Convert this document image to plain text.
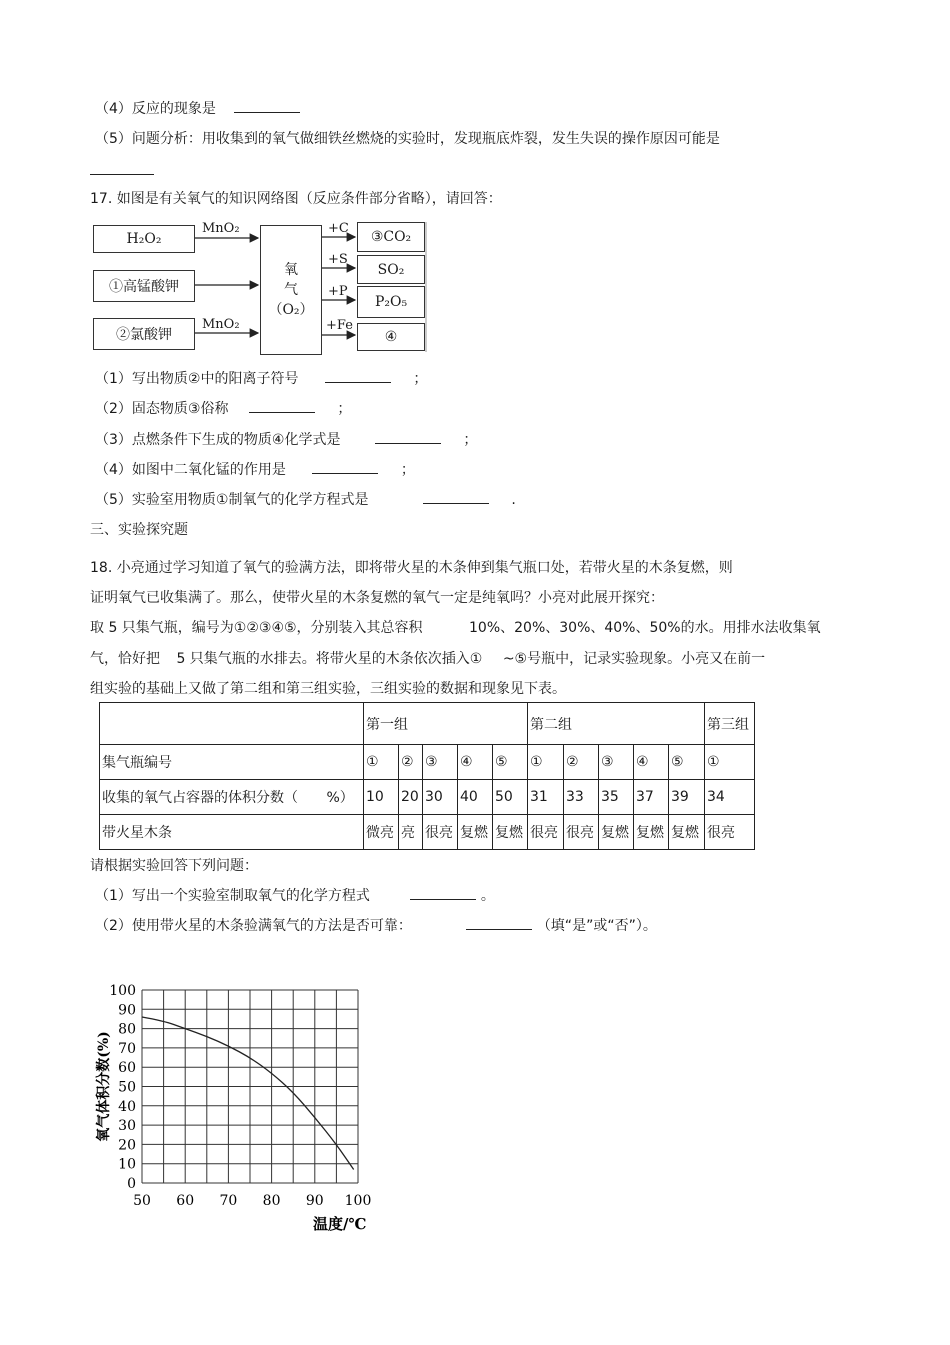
（4）反应的现象是
（5）问题分析：用收集到的氧气做细铁丝燃烧的实验时，发现瓶底炸裂，发生失误的操作原因可能是
17. 如图是有关氧气的知识网络图（反应条件部分省略），请回答：
H₂O₂
①高锰酸钾
②氯酸钾
MnO₂
MnO₂
氧
气
（O₂）
+C
+S
+P
+Fe
③CO₂
SO₂
P₂O₅
④
（1）写出物质②中的阳离子符号	；
（2）固态物质③俗称	；
（3）点燃条件下生成的物质④化学式是	；
（4）如图中二氧化锰的作用是	；
（5）实验室用物质①制氧气的化学方程式是	.
三、实验探究题
18. 小亮通过学习知道了氧气的验满方法，即将带火星的木条伸到集气瓶口处，若带火星的木条复燃，则
证明氧气已收集满了。那么，使带火星的木条复燃的氧气一定是纯氧吗？小亮对此展开探究：
取 5 只集气瓶，编号为①②③④⑤，分别装入其总容积	10%、20%、30%、40%、50%的水。用排水法收集氧
气，恰好把 5 只集气瓶的水排去。将带火星的木条依次插入① ~⑤号瓶中，记录实验现象。小亮又在前一
组实验的基础上又做了第二组和第三组实验，三组实验的数据和现象见下表。
	第一组					第二组					第三组
集气瓶编号	①	②	③	④	⑤	①	②	③	④	⑤	①
收集的氧气占容器的体积分数（ %）	10	20	30	40	50	31	33	35	37	39	34
带火星木条	微亮	亮	很亮	复燃	复燃	很亮	很亮	复燃	复燃	复燃	很亮
请根据实验回答下列问题：
（1）写出一个实验室制取氧气的化学方程式	。
（2）使用带火星的木条验满氧气的方法是否可靠：	（填“是”或“否”）。
0
10
20
30
40
50
60
70
80
90
100
50 60 70 80 90 100
氧气体积分数(%)
温度/℃
